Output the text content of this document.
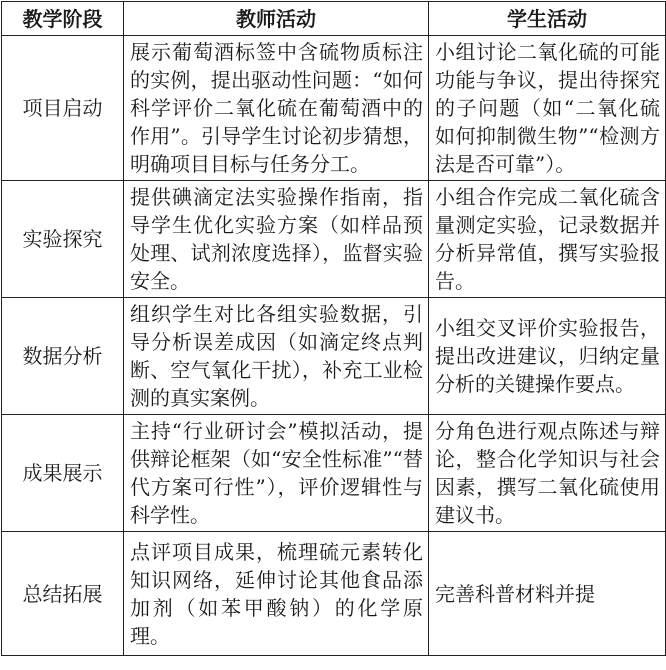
教学阶段	教师活动	学生活动
项目启动	展示葡萄酒标签中含硫物质标注的实例，提出驱动性问题：“如何科学评价二氧化硫在葡萄酒中的作用”。引导学生讨论初步猜想，明确项目目标与任务分工。	小组讨论二氧化硫的可能功能与争议，提出待探究的子问题（如“二氧化硫如何抑制微生物”“检测方法是否可靠”）。
实验探究	提供碘滴定法实验操作指南，指导学生优化实验方案（如样品预处理、试剂浓度选择），监督实验安全。	小组合作完成二氧化硫含量测定实验，记录数据并分析异常值，撰写实验报告。
数据分析	组织学生对比各组实验数据，引导分析误差成因（如滴定终点判断、空气氧化干扰），补充工业检测的真实案例。	小组交叉评价实验报告，提出改进建议，归纳定量分析的关键操作要点。
成果展示	主持“行业研讨会”模拟活动，提供辩论框架（如“安全性标准”“替代方案可行性”），评价逻辑性与科学性。	分角色进行观点陈述与辩论，整合化学知识与社会因素，撰写二氧化硫使用建议书。
总结拓展	点评项目成果，梳理硫元素转化知识网络，延伸讨论其他食品添加剂（如苯甲酸钠）的化学原理。	完善科普材料并提
